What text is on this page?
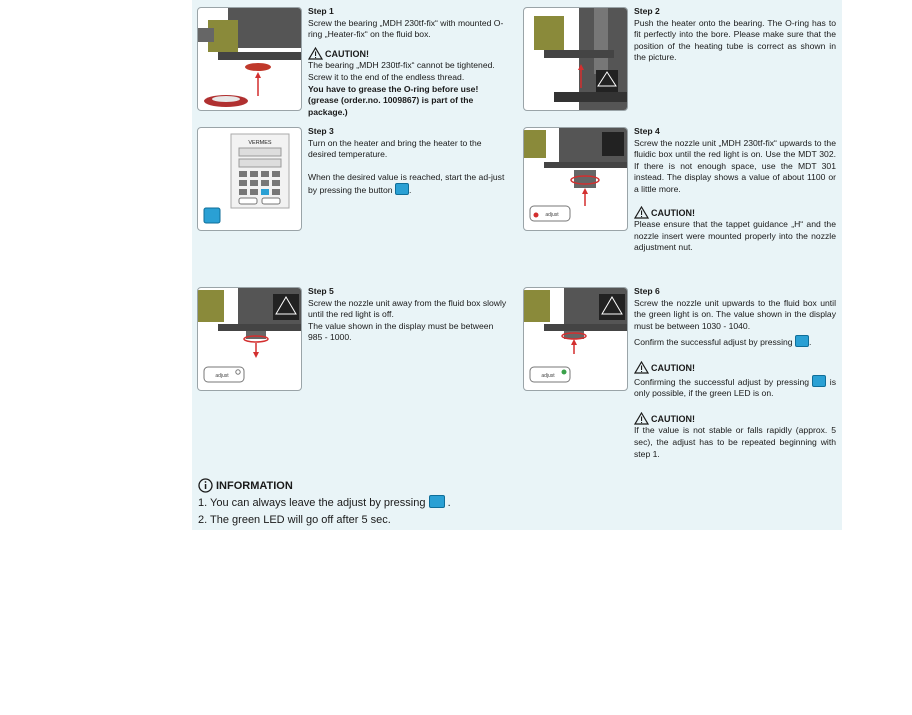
Step 1
Screw the bearing „MDH 230tf-fix“ with mounted O-ring „Heater-fix“ on the fluid box.
CAUTION!
The bearing „MDH 230tf-fix“ cannot be tightened. Screw it to the end of the endless thread.
You have to grease the O-ring before use! (grease (order.no. 1009867) is part of the package.)
Step 2
Push the heater onto the bearing. The O-ring has to fit perfectly into the bore. Please make sure that the position of the heating tube is correct as shown in the picture.
VERMES
Step 3
Turn on the heater and bring the heater to the desired temperature.
When the desired value is reached, start the ad-just by pressing the button .
adjust
Step 4
Screw the nozzle unit „MDH 230tf-fix“ upwards to the fluidic box until the red light is on. Use the MDT 302. If there is not enough space, use the MDT 301 instead. The display shows a value of about 1100 or a little more.
CAUTION!
Please ensure that the tappet guidance „H“ and the nozzle insert were mounted properly into the nozzle adjustment nut.
adjust
Step 5
Screw the nozzle unit away from the fluid box slowly until the red light is off.
The value shown in the display must be between 985 - 1000.
adjust
Step 6
Screw the nozzle unit upwards to the fluid box until the green light is on. The value shown in the display must be between 1030 - 1040.
Confirm the successful adjust by pressing .
CAUTION!
Confirming the successful adjust by pressing is only possible, if the green LED is on.
CAUTION!
If the value is not stable or falls rapidly (approx. 5 sec), the adjust has to be repeated beginning with step 1.
INFORMATION
1. You can always leave the adjust by pressing .
2. The green LED will go off after 5 sec.
